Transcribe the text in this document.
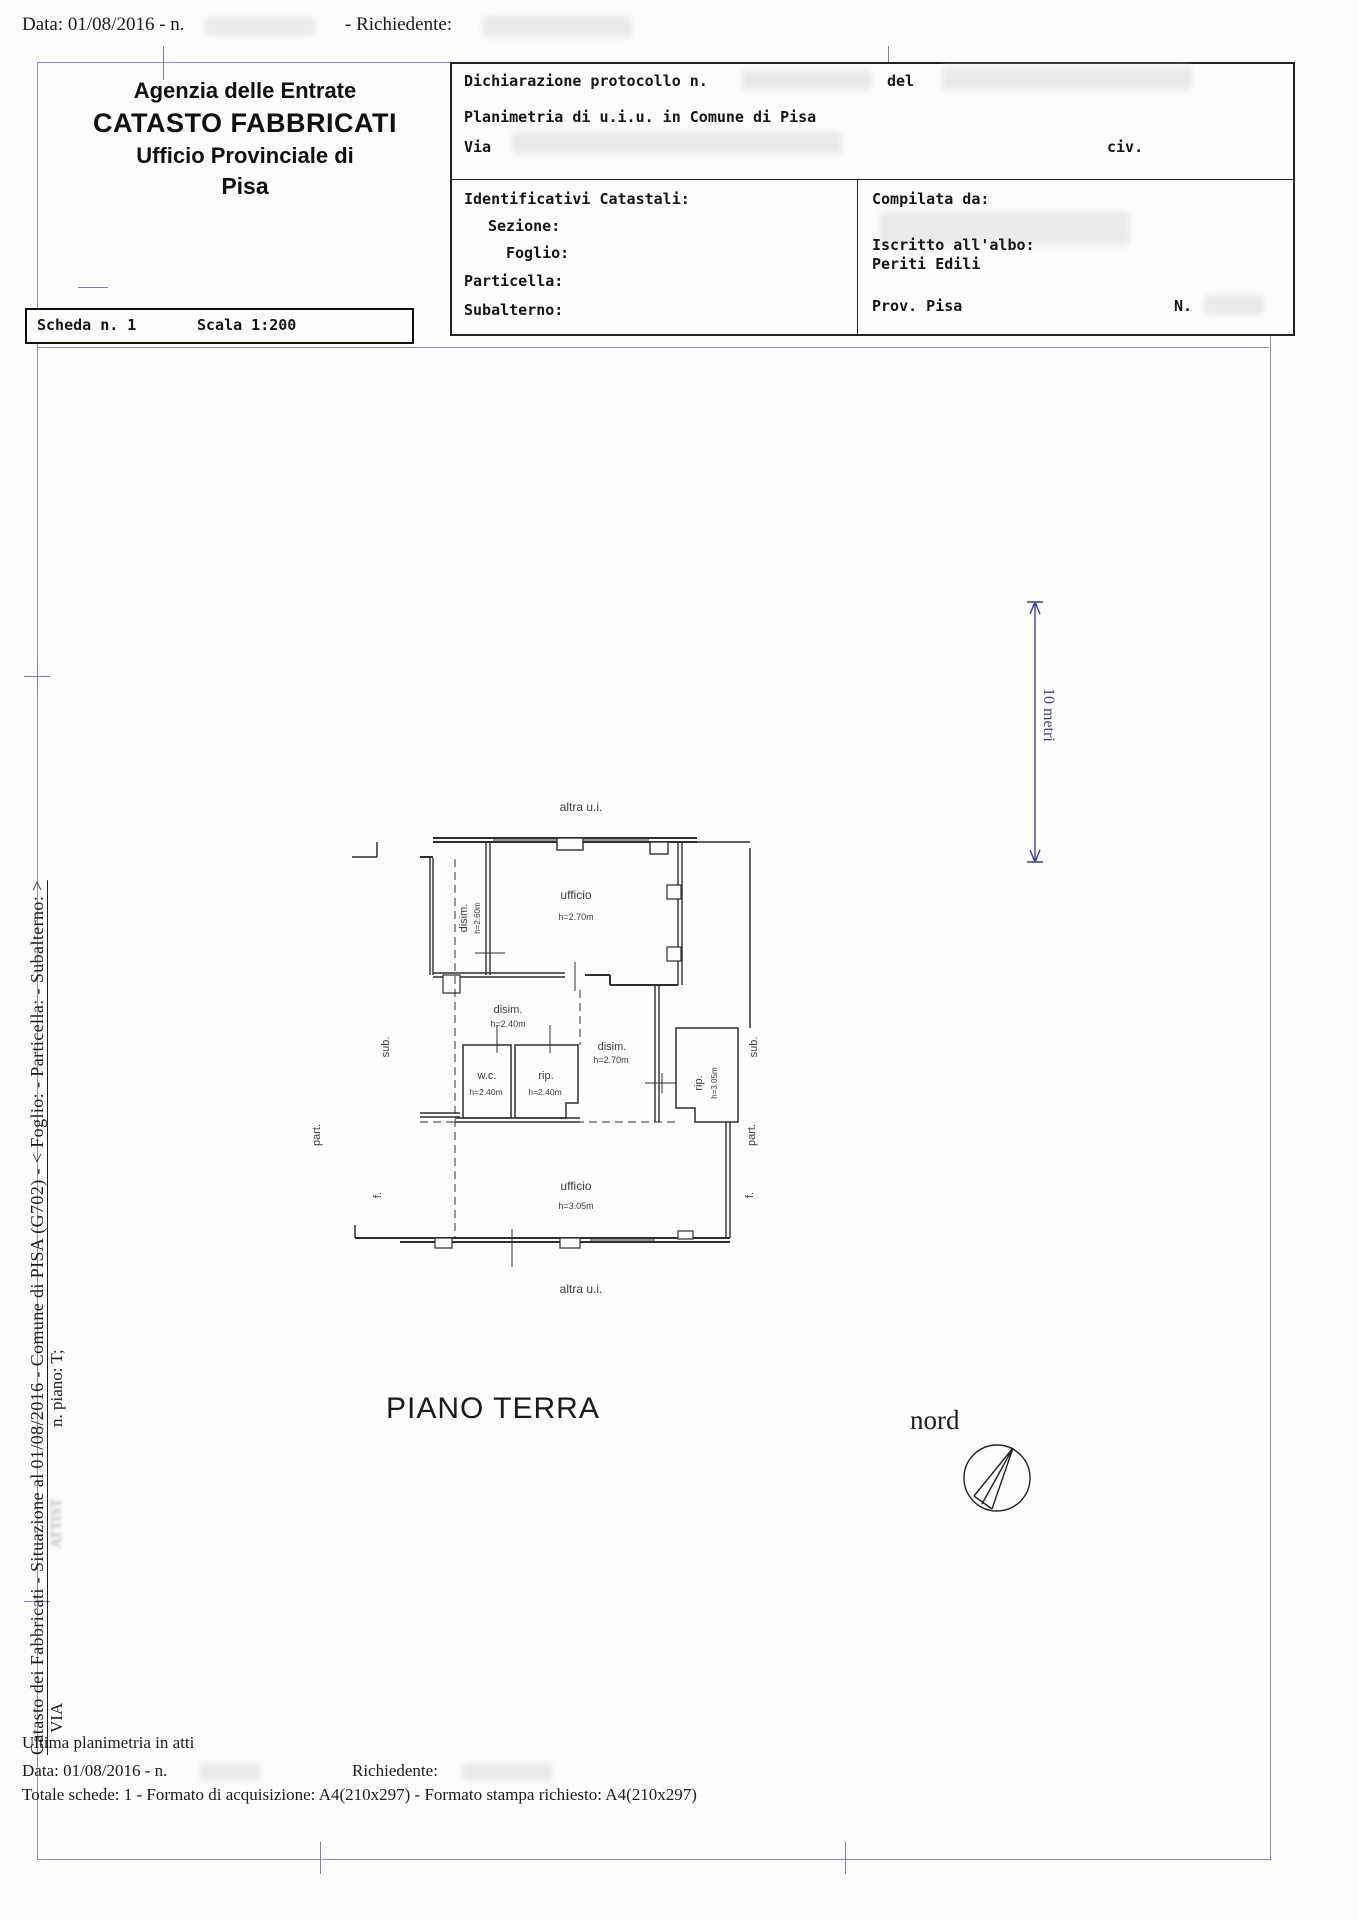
Data: 01/08/2016 - n.	- Richiedente:
Agenzia delle Entrate
CATASTO FABBRICATI
Ufficio Provinciale di
Pisa
Scheda n. 1	Scala 1:200
Dichiarazione protocollo n.	del
Planimetria di u.i.u. in Comune di Pisa
Via	civ.
Identificativi Catastali:
Sezione:
Foglio:
Particella:
Subalterno:
Compilata da:
Iscritto all'albo:
Periti Edili
Prov. Pisa	N.
Catasto dei Fabbricati - Situazione al 01/08/2016 - Comune di PISA (G702) - < Foglio: - Particella: - Subalterno: > n. piano: T;
ATTIST
VIA
altra u.i.
disim. h=2.60m
ufficio
h=2.70m
disim.
h=2.40m
disim.
h=2.70m
w.c.
h=2.40m
rip.
h=2.40m
rip. h=3.05m
ufficio
h=3.05m
altra u.i.
sub.
part.
f.
sub.
part.
f.
PIANO TERRA
10 metri
nord
Ultima planimetria in atti
Data: 01/08/2016 - n.	Richiedente:
Totale schede: 1 - Formato di acquisizione: A4(210x297) - Formato stampa richiesto: A4(210x297)
